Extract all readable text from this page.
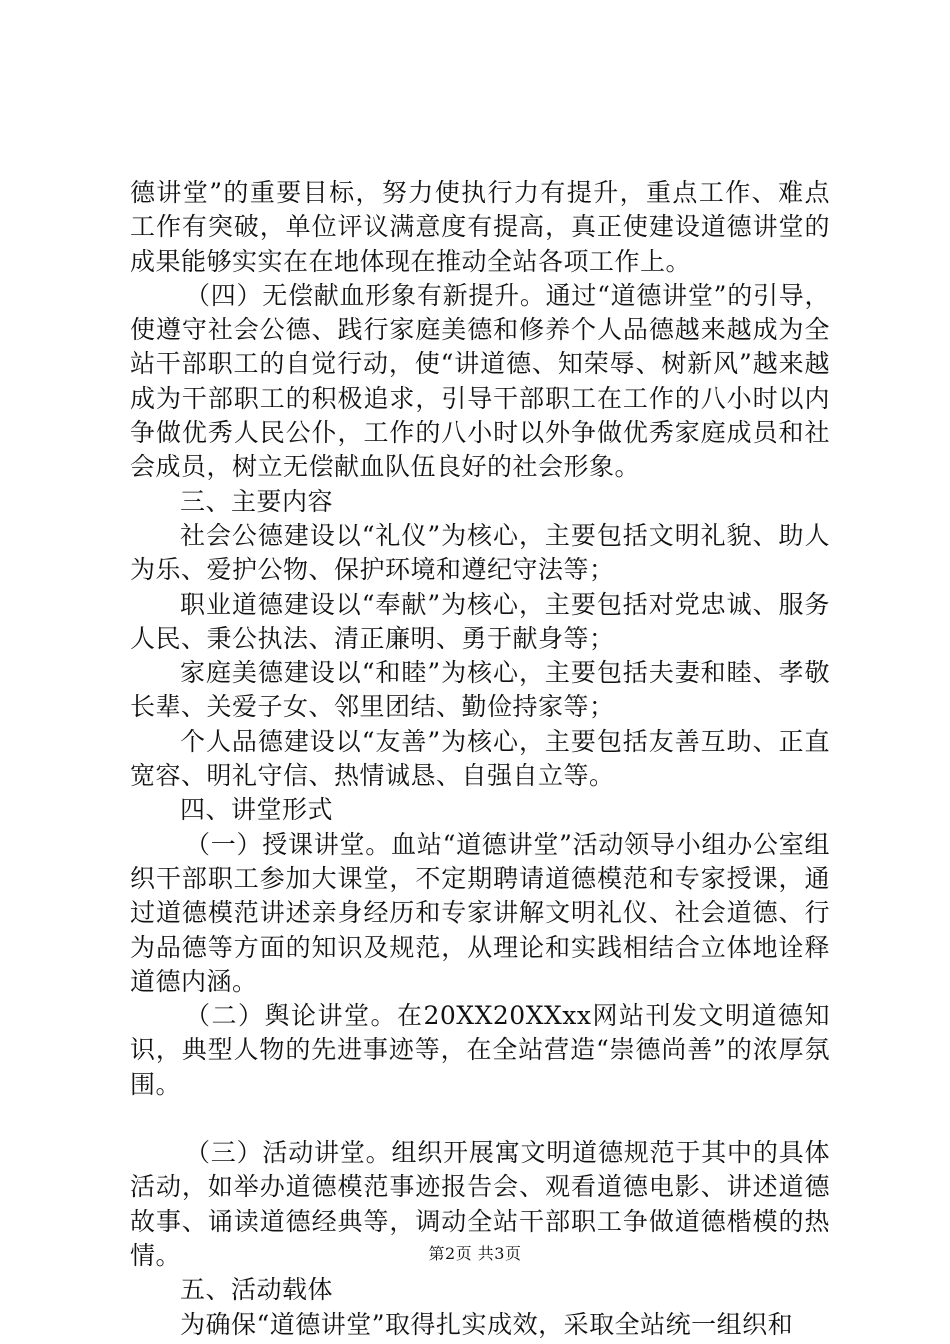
德讲堂”的重要目标，努力使执行力有提升，重点工作、难点工作有突破，单位评议满意度有提高，真正使建设道德讲堂的成果能够实实在在地体现在推动全站各项工作上。

（四）无偿献血形象有新提升。通过“道德讲堂”的引导，使遵守社会公德、践行家庭美德和修养个人品德越来越成为全站干部职工的自觉行动，使“讲道德、知荣辱、树新风”越来越成为干部职工的积极追求，引导干部职工在工作的八小时以内争做优秀人民公仆，工作的八小时以外争做优秀家庭成员和社会成员，树立无偿献血队伍良好的社会形象。

三、主要内容

社会公德建设以“礼仪”为核心，主要包括文明礼貌、助人为乐、爱护公物、保护环境和遵纪守法等；

职业道德建设以“奉献”为核心，主要包括对党忠诚、服务人民、秉公执法、清正廉明、勇于献身等；

家庭美德建设以“和睦”为核心，主要包括夫妻和睦、孝敬长辈、关爱子女、邻里团结、勤俭持家等；

个人品德建设以“友善”为核心，主要包括友善互助、正直宽容、明礼守信、热情诚恳、自强自立等。

四、讲堂形式

（一）授课讲堂。血站“道德讲堂”活动领导小组办公室组织干部职工参加大课堂，不定期聘请道德模范和专家授课，通过道德模范讲述亲身经历和专家讲解文明礼仪、社会道德、行为品德等方面的知识及规范，从理论和实践相结合立体地诠释道德内涵。

（二）舆论讲堂。在20XX20XXxx网站刊发文明道德知识，典型人物的先进事迹等，在全站营造“崇德尚善”的浓厚氛围。

（三）活动讲堂。组织开展寓文明道德规范于其中的具体活动，如举办道德模范事迹报告会、观看道德电影、讲述道德故事、诵读道德经典等，调动全站干部职工争做道德楷模的热情。

五、活动载体

为确保“道德讲堂”取得扎实成效，采取全站统一组织和

第2页 共3页
